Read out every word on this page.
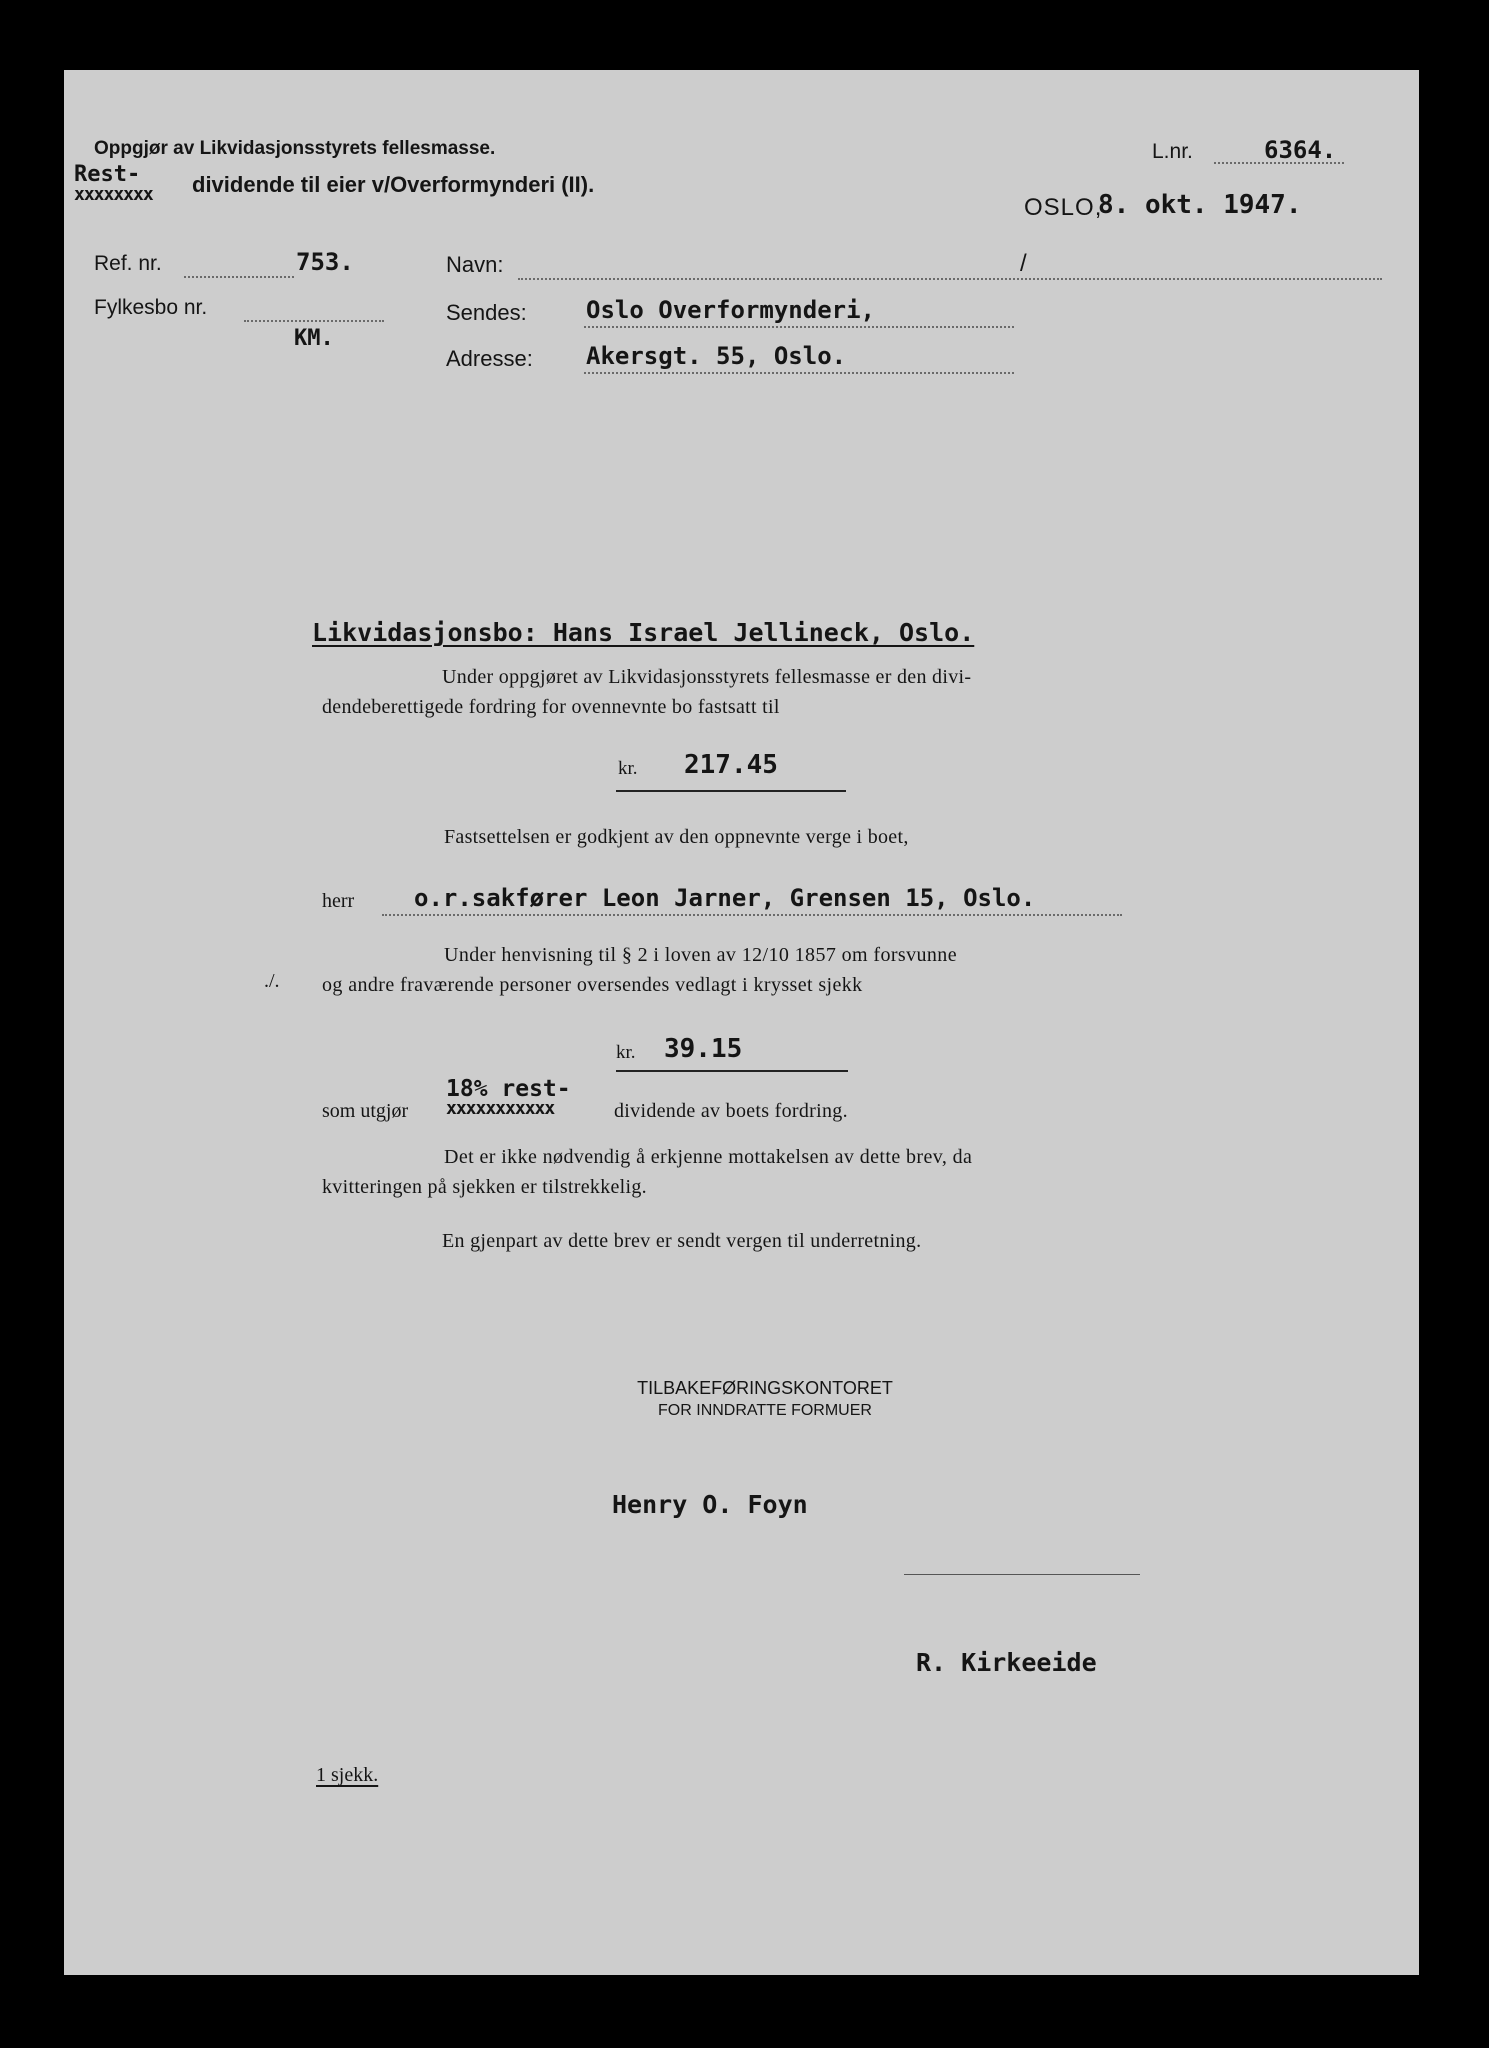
Oppgjør av Likvidasjonsstyrets fellesmasse.
Rest-
xxxxxxxx dividende til eier v/Overformynderi (II).
L.nr.	6364.
OSLO,
8. okt. 1947.
Ref. nr.	753.
Fylkesbo nr.
KM.
Navn:	/
Sendes: Oslo Overformynderi,
Adresse: Akersgt. 55, Oslo.
Likvidasjonsbo: Hans Israel Jellineck, Oslo.
Under oppgjøret av Likvidasjonsstyrets fellesmasse er den divi-
dendeberettigede fordring for ovennevnte bo fastsatt til
kr. 217.45
Fastsettelsen er godkjent av den oppnevnte verge i boet,
herr o.r.sakfører Leon Jarner, Grensen 15, Oslo.
./.
Under henvisning til § 2 i loven av 12/10 1857 om forsvunne
og andre fraværende personer oversendes vedlagt i krysset sjekk
kr. 39.15
som utgjør
18% rest-
xxxxxxxxxxx	dividende av boets fordring.
Det er ikke nødvendig å erkjenne mottakelsen av dette brev, da
kvitteringen på sjekken er tilstrekkelig.
En gjenpart av dette brev er sendt vergen til underretning.
TILBAKEFØRINGSKONTORET
FOR INNDRATTE FORMUER
Henry O. Foyn
R. Kirkeeide
1 sjekk.
